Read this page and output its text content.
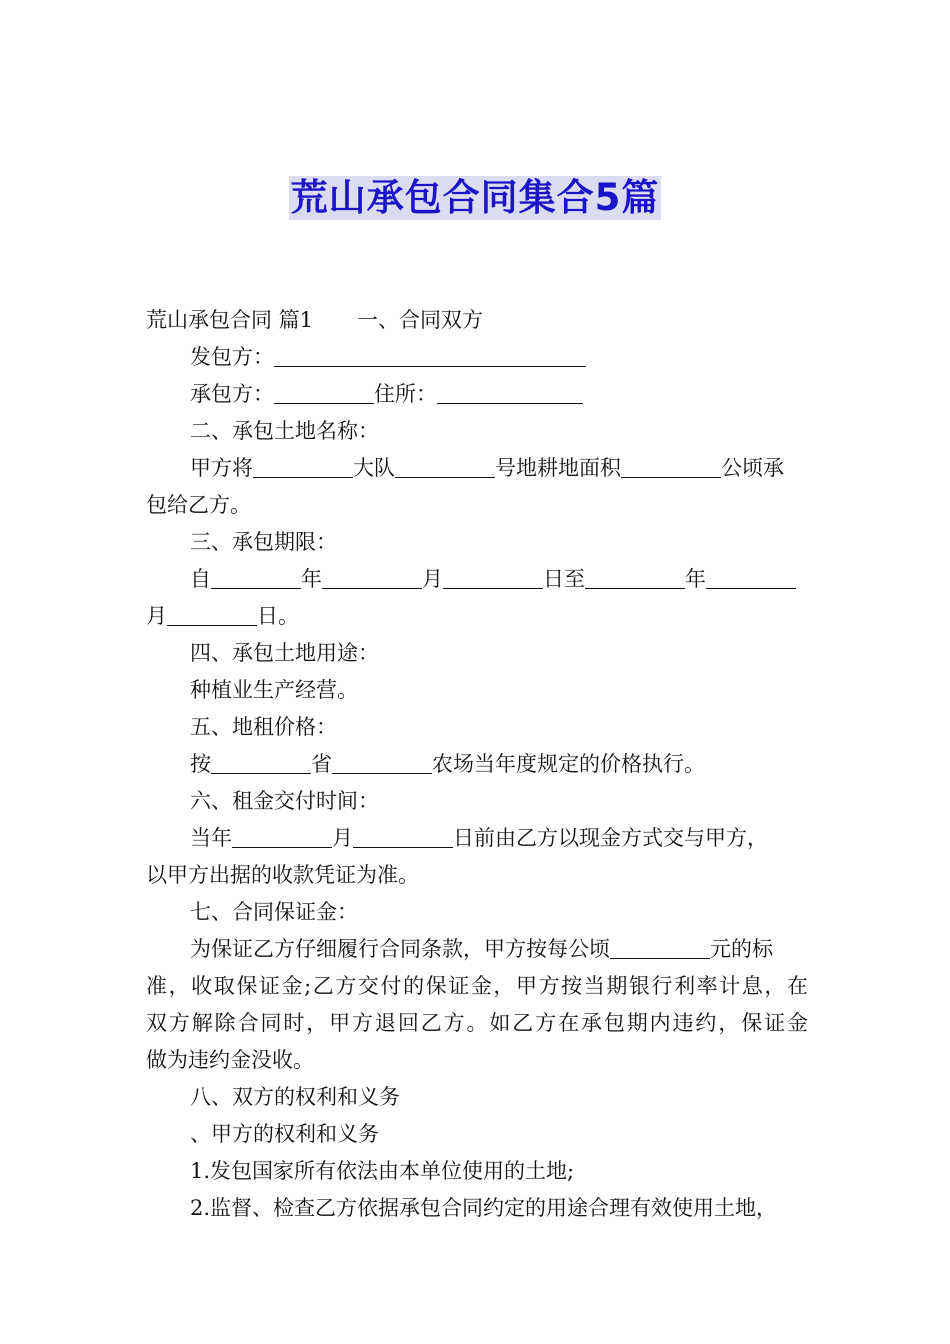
荒山承包合同集合5篇
荒山承包合同 篇1 一、合同双方
发包方：
承包方：	住所：
二、承包土地名称：
甲方将	大队	号地耕地面积	公顷承
包给乙方。
三、承包期限：
自	年	月	日至	年
月	日。
四、承包土地用途：
种植业生产经营。
五、地租价格：
按	省	农场当年度规定的价格执行。
六、租金交付时间：
当年	月	日前由乙方以现金方式交与甲方，
以甲方出据的收款凭证为准。
七、合同保证金：
为保证乙方仔细履行合同条款，甲方按每公顷	元的标
准，收取保证金;乙方交付的保证金，甲方按当期银行利率计息，在
双方解除合同时，甲方退回乙方。如乙方在承包期内违约，保证金
做为违约金没收。
八、双方的权利和义务
、甲方的权利和义务
1.发包国家所有依法由本单位使用的土地;
2.监督、检查乙方依据承包合同约定的用途合理有效使用土地，
